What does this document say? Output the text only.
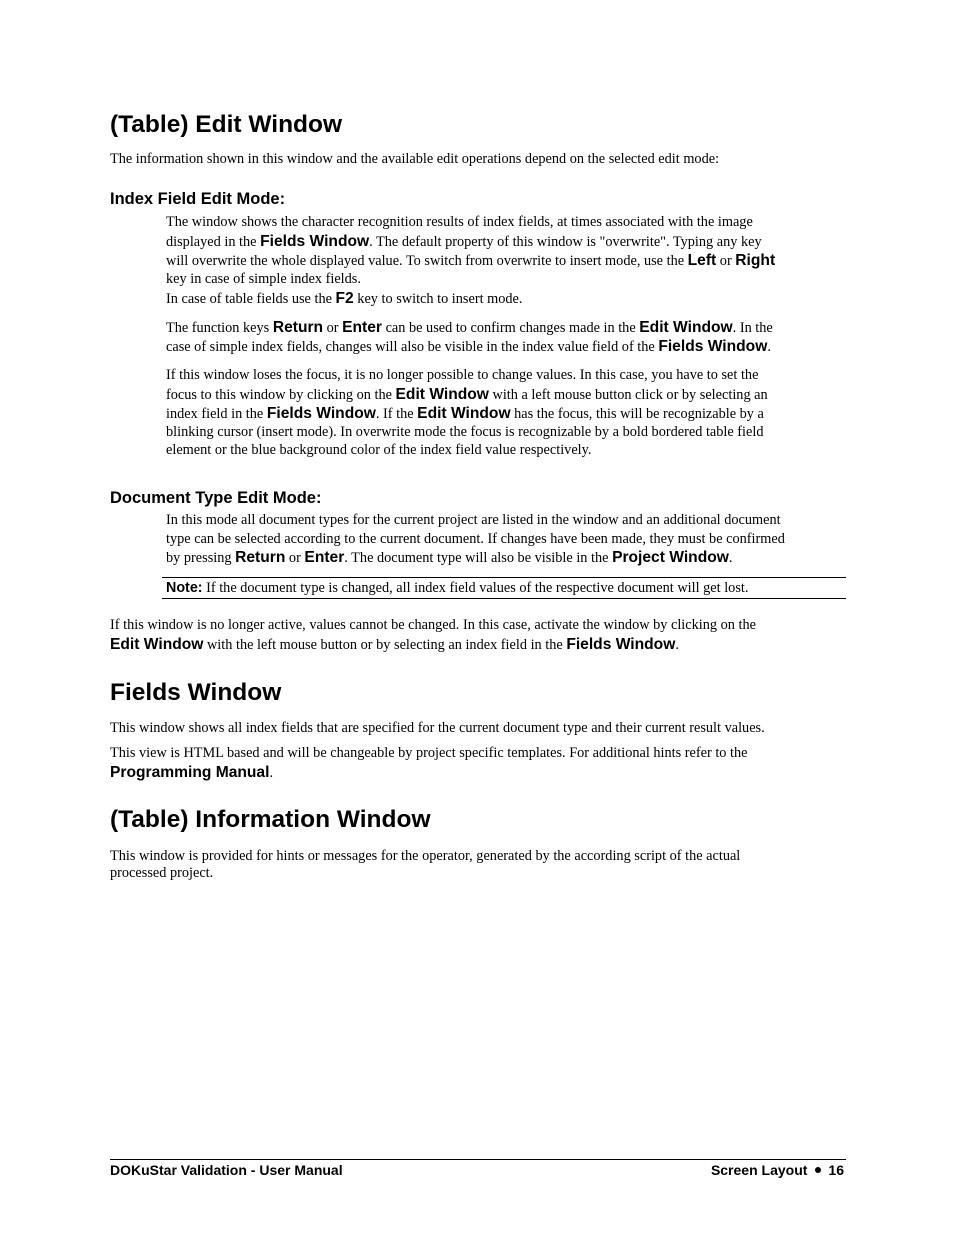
(Table) Edit Window

The information shown in this window and the available edit operations depend on the selected edit mode:

Index Field Edit Mode:

The window shows the character recognition results of index fields, at times associated with the image

displayed in the Fields Window. The default property of this window is "overwrite". Typing any key

will overwrite the whole displayed value. To switch from overwrite to insert mode, use the Left or Right

key in case of simple index fields.

In case of table fields use the F2 key to switch to insert mode.

The function keys Return or Enter can be used to confirm changes made in the Edit Window. In the

case of simple index fields, changes will also be visible in the index value field of the Fields Window.

If this window loses the focus, it is no longer possible to change values. In this case, you have to set the

focus to this window by clicking on the Edit Window with a left mouse button click or by selecting an

index field in the Fields Window. If the Edit Window has the focus, this will be recognizable by a

blinking cursor (insert mode). In overwrite mode the focus is recognizable by a bold bordered table field

element or the blue background color of the index field value respectively.

Document Type Edit Mode:

In this mode all document types for the current project are listed in the window and an additional document

type can be selected according to the current document. If changes have been made, they must be confirmed

by pressing Return or Enter. The document type will also be visible in the Project Window.

Note: If the document type is changed, all index field values of the respective document will get lost.

If this window is no longer active, values cannot be changed. In this case, activate the window by clicking on the

Edit Window with the left mouse button or by selecting an index field in the Fields Window.

Fields Window

This window shows all index fields that are specified for the current document type and their current result values.

This view is HTML based and will be changeable by project specific templates. For additional hints refer to the

Programming Manual.

(Table) Information Window

This window is provided for hints or messages for the operator, generated by the according script of the actual

processed project.

DOKuStar Validation - User Manual	Screen Layout 16
